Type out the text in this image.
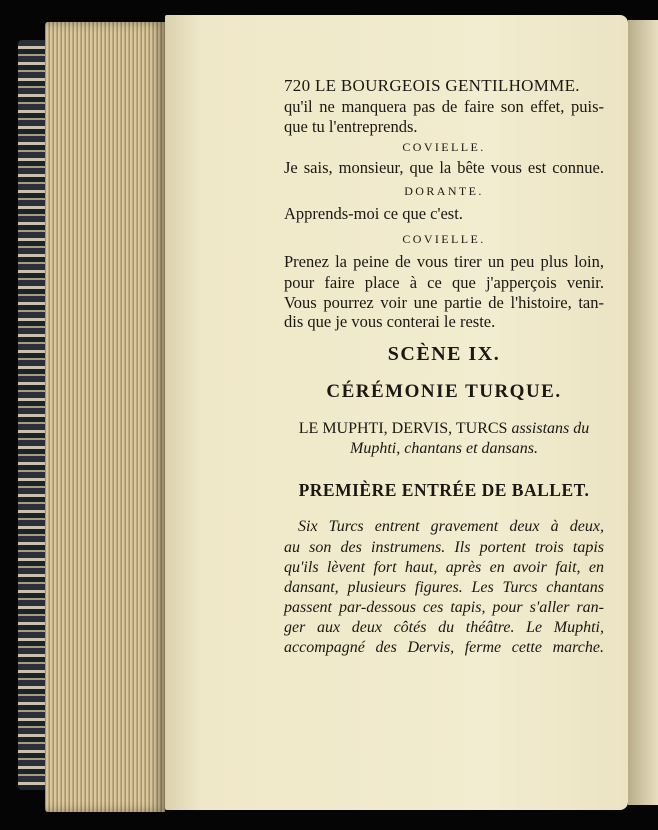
720 LE BOURGEOIS GENTILHOMME.
qu'il ne manquera pas de faire son effet, puis-
que tu l'entreprends.
COVIELLE.
Je sais, monsieur, que la bête vous est connue.
DORANTE.
Apprends-moi ce que c'est.
COVIELLE.
Prenez la peine de vous tirer un peu plus loin,
pour faire place à ce que j'apperçois venir.
Vous pourrez voir une partie de l'histoire, tan-
dis que je vous conterai le reste.
SCÈNE IX.
CÉRÉMONIE TURQUE.
LE MUPHTI, DERVIS, TURCS assistans du
Muphti, chantans et dansans.
PREMIÈRE ENTRÉE DE BALLET.
Six Turcs entrent gravement deux à deux,
au son des instrumens. Ils portent trois tapis
qu'ils lèvent fort haut, après en avoir fait, en
dansant, plusieurs figures. Les Turcs chantans
passent par-dessous ces tapis, pour s'aller ran-
ger aux deux côtés du théâtre. Le Muphti,
accompagné des Dervis, ferme cette marche.
